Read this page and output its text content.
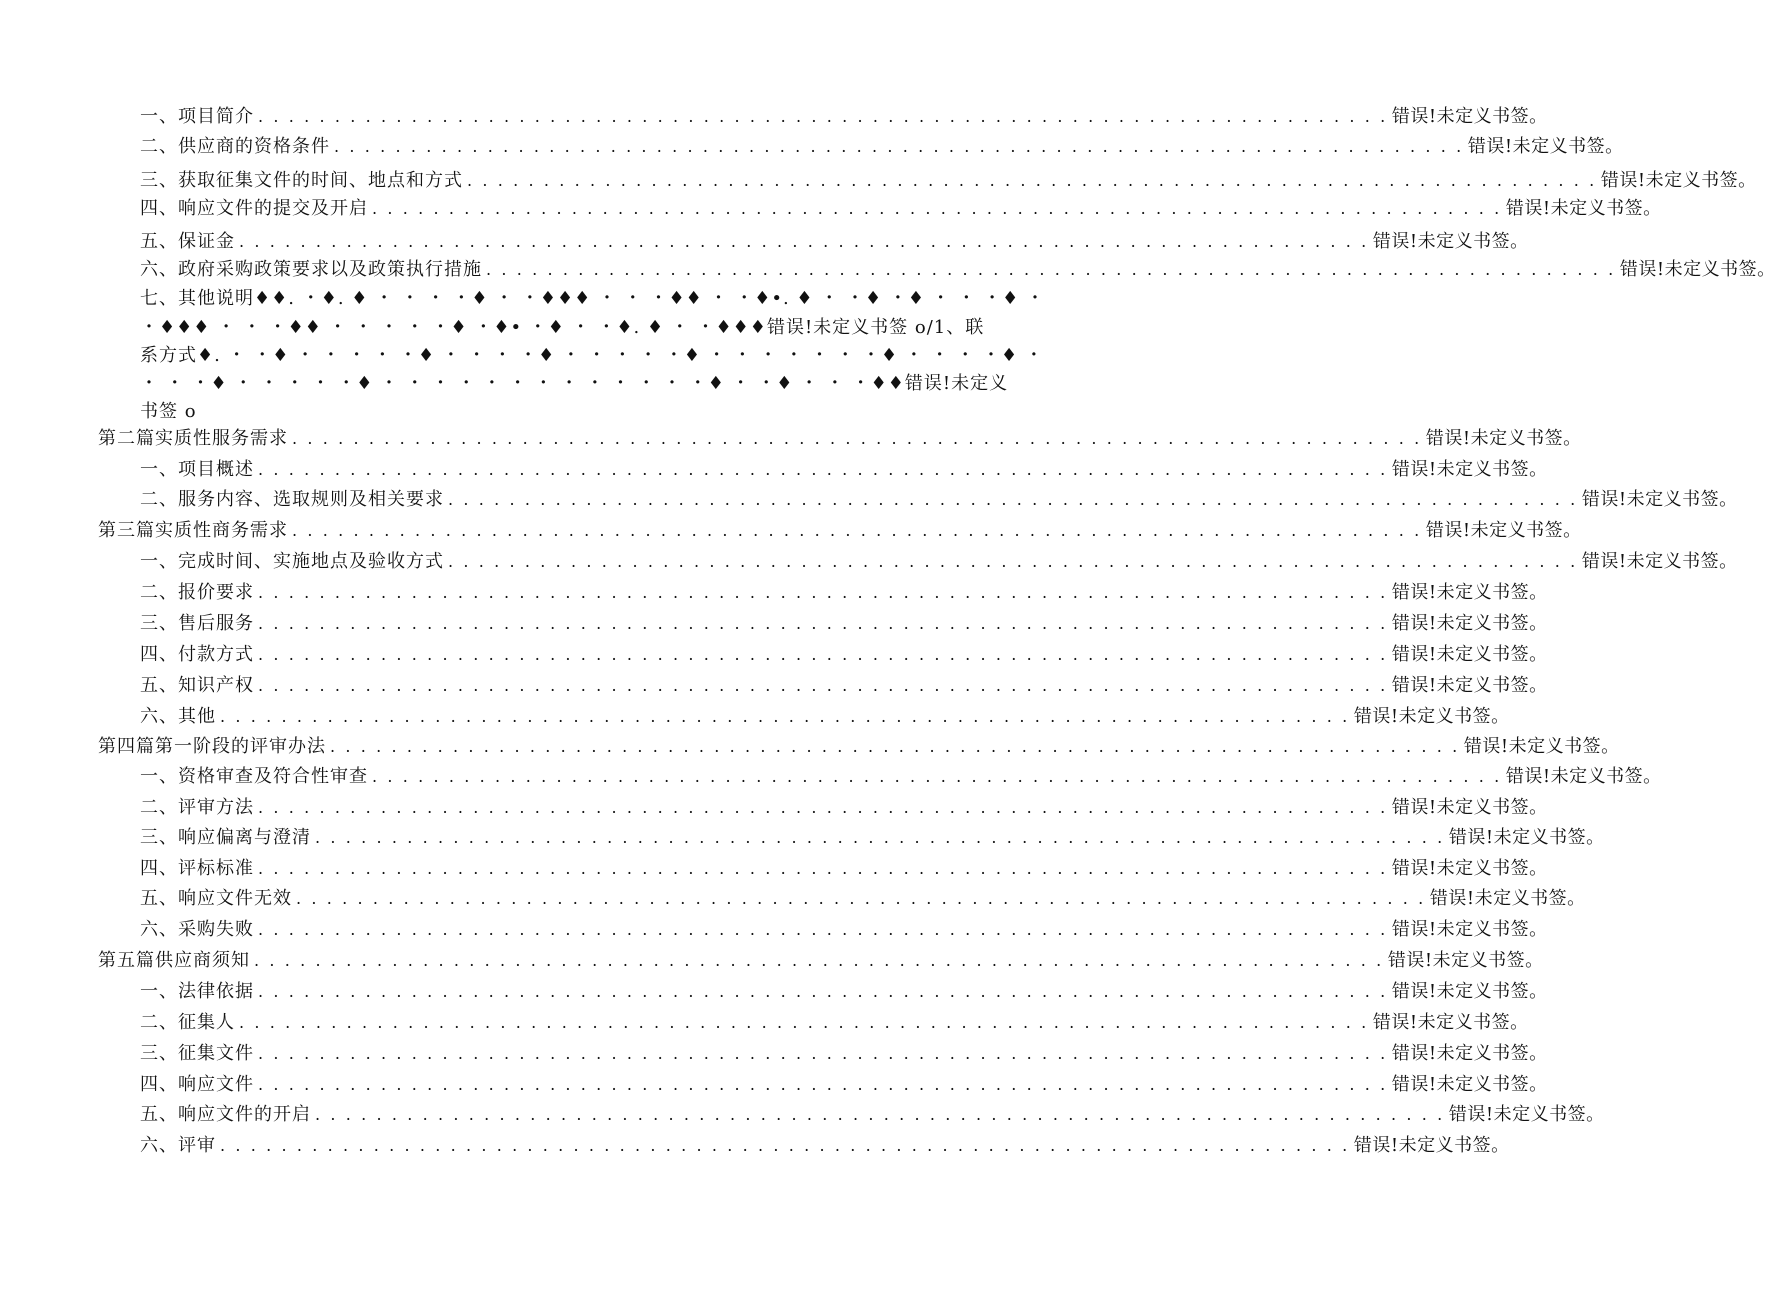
一、项目简介 . . . . . . . . . . . . . . . . . . . . . . . . . . . . . . . . . . . . . . . . . . . . . . . . . . . . . . . . . . . . . . . . . . . . . . . . . . 错误!未定义书签。
二、供应商的资格条件 . . . . . . . . . . . . . . . . . . . . . . . . . . . . . . . . . . . . . . . . . . . . . . . . . . . . . . . . . . . . . . . . . . . . . . . . . . 错误!未定义书签。
三、获取征集文件的时间、地点和方式 . . . . . . . . . . . . . . . . . . . . . . . . . . . . . . . . . . . . . . . . . . . . . . . . . . . . . . . . . . . . . . . . . . . . . . . . . . 错误!未定义书签。
四、响应文件的提交及开启 . . . . . . . . . . . . . . . . . . . . . . . . . . . . . . . . . . . . . . . . . . . . . . . . . . . . . . . . . . . . . . . . . . . . . . . . . . 错误!未定义书签。
五、保证金 . . . . . . . . . . . . . . . . . . . . . . . . . . . . . . . . . . . . . . . . . . . . . . . . . . . . . . . . . . . . . . . . . . . . . . . . . . 错误!未定义书签。
六、政府采购政策要求以及政策执行措施 . . . . . . . . . . . . . . . . . . . . . . . . . . . . . . . . . . . . . . . . . . . . . . . . . . . . . . . . . . . . . . . . . . . . . . . . . . 错误!未定义书签。
七、其他说明♦♦. ・♦. ♦ ・ ・ ・ ・♦ ・ ・♦♦♦ ・ ・ ・♦♦ ・ ・♦•. ♦ ・ ・♦ ・♦ ・ ・ ・♦ ・
・♦♦♦ ・ ・ ・♦♦ ・ ・ ・ ・ ・♦ ・♦• ・♦ ・ ・♦. ♦ ・ ・♦♦♦错误!未定义书签 o/1、联
系方式♦. ・ ・♦ ・ ・ ・ ・ ・♦ ・ ・ ・ ・♦ ・ ・ ・ ・ ・♦ ・ ・ ・ ・ ・ ・ ・♦ ・ ・ ・ ・♦ ・
・ ・ ・♦ ・ ・ ・ ・ ・♦ ・ ・ ・ ・ ・ ・ ・ ・ ・ ・ ・ ・ ・♦ ・ ・♦ ・ ・ ・♦♦错误!未定义
书签 o
第二篇实质性服务需求 . . . . . . . . . . . . . . . . . . . . . . . . . . . . . . . . . . . . . . . . . . . . . . . . . . . . . . . . . . . . . . . . . . . . . . . . . . 错误!未定义书签。
一、项目概述 . . . . . . . . . . . . . . . . . . . . . . . . . . . . . . . . . . . . . . . . . . . . . . . . . . . . . . . . . . . . . . . . . . . . . . . . . . 错误!未定义书签。
二、服务内容、选取规则及相关要求 . . . . . . . . . . . . . . . . . . . . . . . . . . . . . . . . . . . . . . . . . . . . . . . . . . . . . . . . . . . . . . . . . . . . . . . . . . 错误!未定义书签。
第三篇实质性商务需求 . . . . . . . . . . . . . . . . . . . . . . . . . . . . . . . . . . . . . . . . . . . . . . . . . . . . . . . . . . . . . . . . . . . . . . . . . . 错误!未定义书签。
一、完成时间、实施地点及验收方式 . . . . . . . . . . . . . . . . . . . . . . . . . . . . . . . . . . . . . . . . . . . . . . . . . . . . . . . . . . . . . . . . . . . . . . . . . . 错误!未定义书签。
二、报价要求 . . . . . . . . . . . . . . . . . . . . . . . . . . . . . . . . . . . . . . . . . . . . . . . . . . . . . . . . . . . . . . . . . . . . . . . . . . 错误!未定义书签。
三、售后服务 . . . . . . . . . . . . . . . . . . . . . . . . . . . . . . . . . . . . . . . . . . . . . . . . . . . . . . . . . . . . . . . . . . . . . . . . . . 错误!未定义书签。
四、付款方式 . . . . . . . . . . . . . . . . . . . . . . . . . . . . . . . . . . . . . . . . . . . . . . . . . . . . . . . . . . . . . . . . . . . . . . . . . . 错误!未定义书签。
五、知识产权 . . . . . . . . . . . . . . . . . . . . . . . . . . . . . . . . . . . . . . . . . . . . . . . . . . . . . . . . . . . . . . . . . . . . . . . . . . 错误!未定义书签。
六、其他 . . . . . . . . . . . . . . . . . . . . . . . . . . . . . . . . . . . . . . . . . . . . . . . . . . . . . . . . . . . . . . . . . . . . . . . . . . 错误!未定义书签。
第四篇第一阶段的评审办法 . . . . . . . . . . . . . . . . . . . . . . . . . . . . . . . . . . . . . . . . . . . . . . . . . . . . . . . . . . . . . . . . . . . . . . . . . . 错误!未定义书签。
一、资格审查及符合性审查 . . . . . . . . . . . . . . . . . . . . . . . . . . . . . . . . . . . . . . . . . . . . . . . . . . . . . . . . . . . . . . . . . . . . . . . . . . 错误!未定义书签。
二、评审方法 . . . . . . . . . . . . . . . . . . . . . . . . . . . . . . . . . . . . . . . . . . . . . . . . . . . . . . . . . . . . . . . . . . . . . . . . . . 错误!未定义书签。
三、响应偏离与澄清 . . . . . . . . . . . . . . . . . . . . . . . . . . . . . . . . . . . . . . . . . . . . . . . . . . . . . . . . . . . . . . . . . . . . . . . . . . 错误!未定义书签。
四、评标标准 . . . . . . . . . . . . . . . . . . . . . . . . . . . . . . . . . . . . . . . . . . . . . . . . . . . . . . . . . . . . . . . . . . . . . . . . . . 错误!未定义书签。
五、响应文件无效 . . . . . . . . . . . . . . . . . . . . . . . . . . . . . . . . . . . . . . . . . . . . . . . . . . . . . . . . . . . . . . . . . . . . . . . . . . 错误!未定义书签。
六、采购失败 . . . . . . . . . . . . . . . . . . . . . . . . . . . . . . . . . . . . . . . . . . . . . . . . . . . . . . . . . . . . . . . . . . . . . . . . . . 错误!未定义书签。
第五篇供应商须知 . . . . . . . . . . . . . . . . . . . . . . . . . . . . . . . . . . . . . . . . . . . . . . . . . . . . . . . . . . . . . . . . . . . . . . . . . . 错误!未定义书签。
一、法律依据 . . . . . . . . . . . . . . . . . . . . . . . . . . . . . . . . . . . . . . . . . . . . . . . . . . . . . . . . . . . . . . . . . . . . . . . . . . 错误!未定义书签。
二、征集人 . . . . . . . . . . . . . . . . . . . . . . . . . . . . . . . . . . . . . . . . . . . . . . . . . . . . . . . . . . . . . . . . . . . . . . . . . . 错误!未定义书签。
三、征集文件 . . . . . . . . . . . . . . . . . . . . . . . . . . . . . . . . . . . . . . . . . . . . . . . . . . . . . . . . . . . . . . . . . . . . . . . . . . 错误!未定义书签。
四、响应文件 . . . . . . . . . . . . . . . . . . . . . . . . . . . . . . . . . . . . . . . . . . . . . . . . . . . . . . . . . . . . . . . . . . . . . . . . . . 错误!未定义书签。
五、响应文件的开启 . . . . . . . . . . . . . . . . . . . . . . . . . . . . . . . . . . . . . . . . . . . . . . . . . . . . . . . . . . . . . . . . . . . . . . . . . . 错误!未定义书签。
六、评审 . . . . . . . . . . . . . . . . . . . . . . . . . . . . . . . . . . . . . . . . . . . . . . . . . . . . . . . . . . . . . . . . . . . . . . . . . . 错误!未定义书签。
